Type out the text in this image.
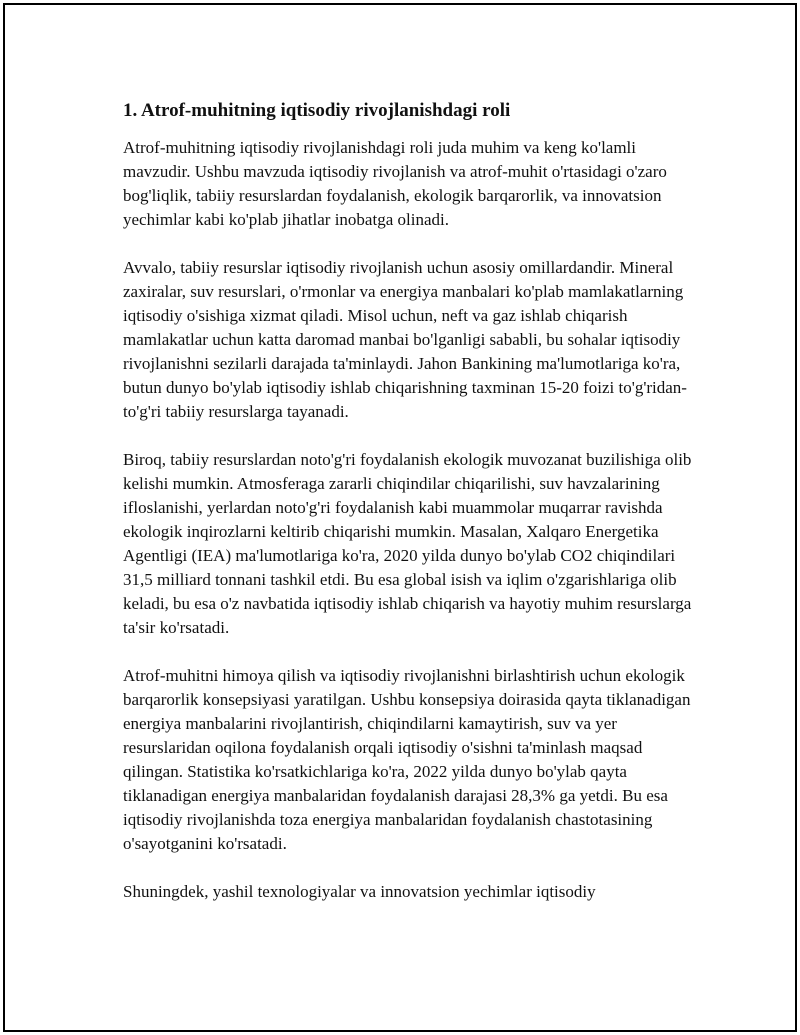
1. Atrof-muhitning iqtisodiy rivojlanishdagi roli

Atrof-muhitning iqtisodiy rivojlanishdagi roli juda muhim va keng ko'lamli mavzudir. Ushbu mavzuda iqtisodiy rivojlanish va atrof-muhit o'rtasidagi o'zaro bog'liqlik, tabiiy resurslardan foydalanish, ekologik barqarorlik, va innovatsion yechimlar kabi ko'plab jihatlar inobatga olinadi.

Avvalo, tabiiy resurslar iqtisodiy rivojlanish uchun asosiy omillardandir. Mineral zaxiralar, suv resurslari, o'rmonlar va energiya manbalari ko'plab mamlakatlarning iqtisodiy o'sishiga xizmat qiladi. Misol uchun, neft va gaz ishlab chiqarish mamlakatlar uchun katta daromad manbai bo'lganligi sababli, bu sohalar iqtisodiy rivojlanishni sezilarli darajada ta'minlaydi. Jahon Bankining ma'lumotlariga ko'ra, butun dunyo bo'ylab iqtisodiy ishlab chiqarishning taxminan 15-20 foizi to'g'ridan-to'g'ri tabiiy resurslarga tayanadi.

Biroq, tabiiy resurslardan noto'g'ri foydalanish ekologik muvozanat buzilishiga olib kelishi mumkin. Atmosferaga zararli chiqindilar chiqarilishi, suv havzalarining ifloslanishi, yerlardan noto'g'ri foydalanish kabi muammolar muqarrar ravishda ekologik inqirozlarni keltirib chiqarishi mumkin. Masalan, Xalqaro Energetika Agentligi (IEA) ma'lumotlariga ko'ra, 2020 yilda dunyo bo'ylab CO2 chiqindilari 31,5 milliard tonnani tashkil etdi. Bu esa global isish va iqlim o'zgarishlariga olib keladi, bu esa o'z navbatida iqtisodiy ishlab chiqarish va hayotiy muhim resurslarga ta'sir ko'rsatadi.

Atrof-muhitni himoya qilish va iqtisodiy rivojlanishni birlashtirish uchun ekologik barqarorlik konsepsiyasi yaratilgan. Ushbu konsepsiya doirasida qayta tiklanadigan energiya manbalarini rivojlantirish, chiqindilarni kamaytirish, suv va yer resurslaridan oqilona foydalanish orqali iqtisodiy o'sishni ta'minlash maqsad qilingan. Statistika ko'rsatkichlariga ko'ra, 2022 yilda dunyo bo'ylab qayta tiklanadigan energiya manbalaridan foydalanish darajasi 28,3% ga yetdi. Bu esa iqtisodiy rivojlanishda toza energiya manbalaridan foydalanish chastotasining o'sayotganini ko'rsatadi.

Shuningdek, yashil texnologiyalar va innovatsion yechimlar iqtisodiy
